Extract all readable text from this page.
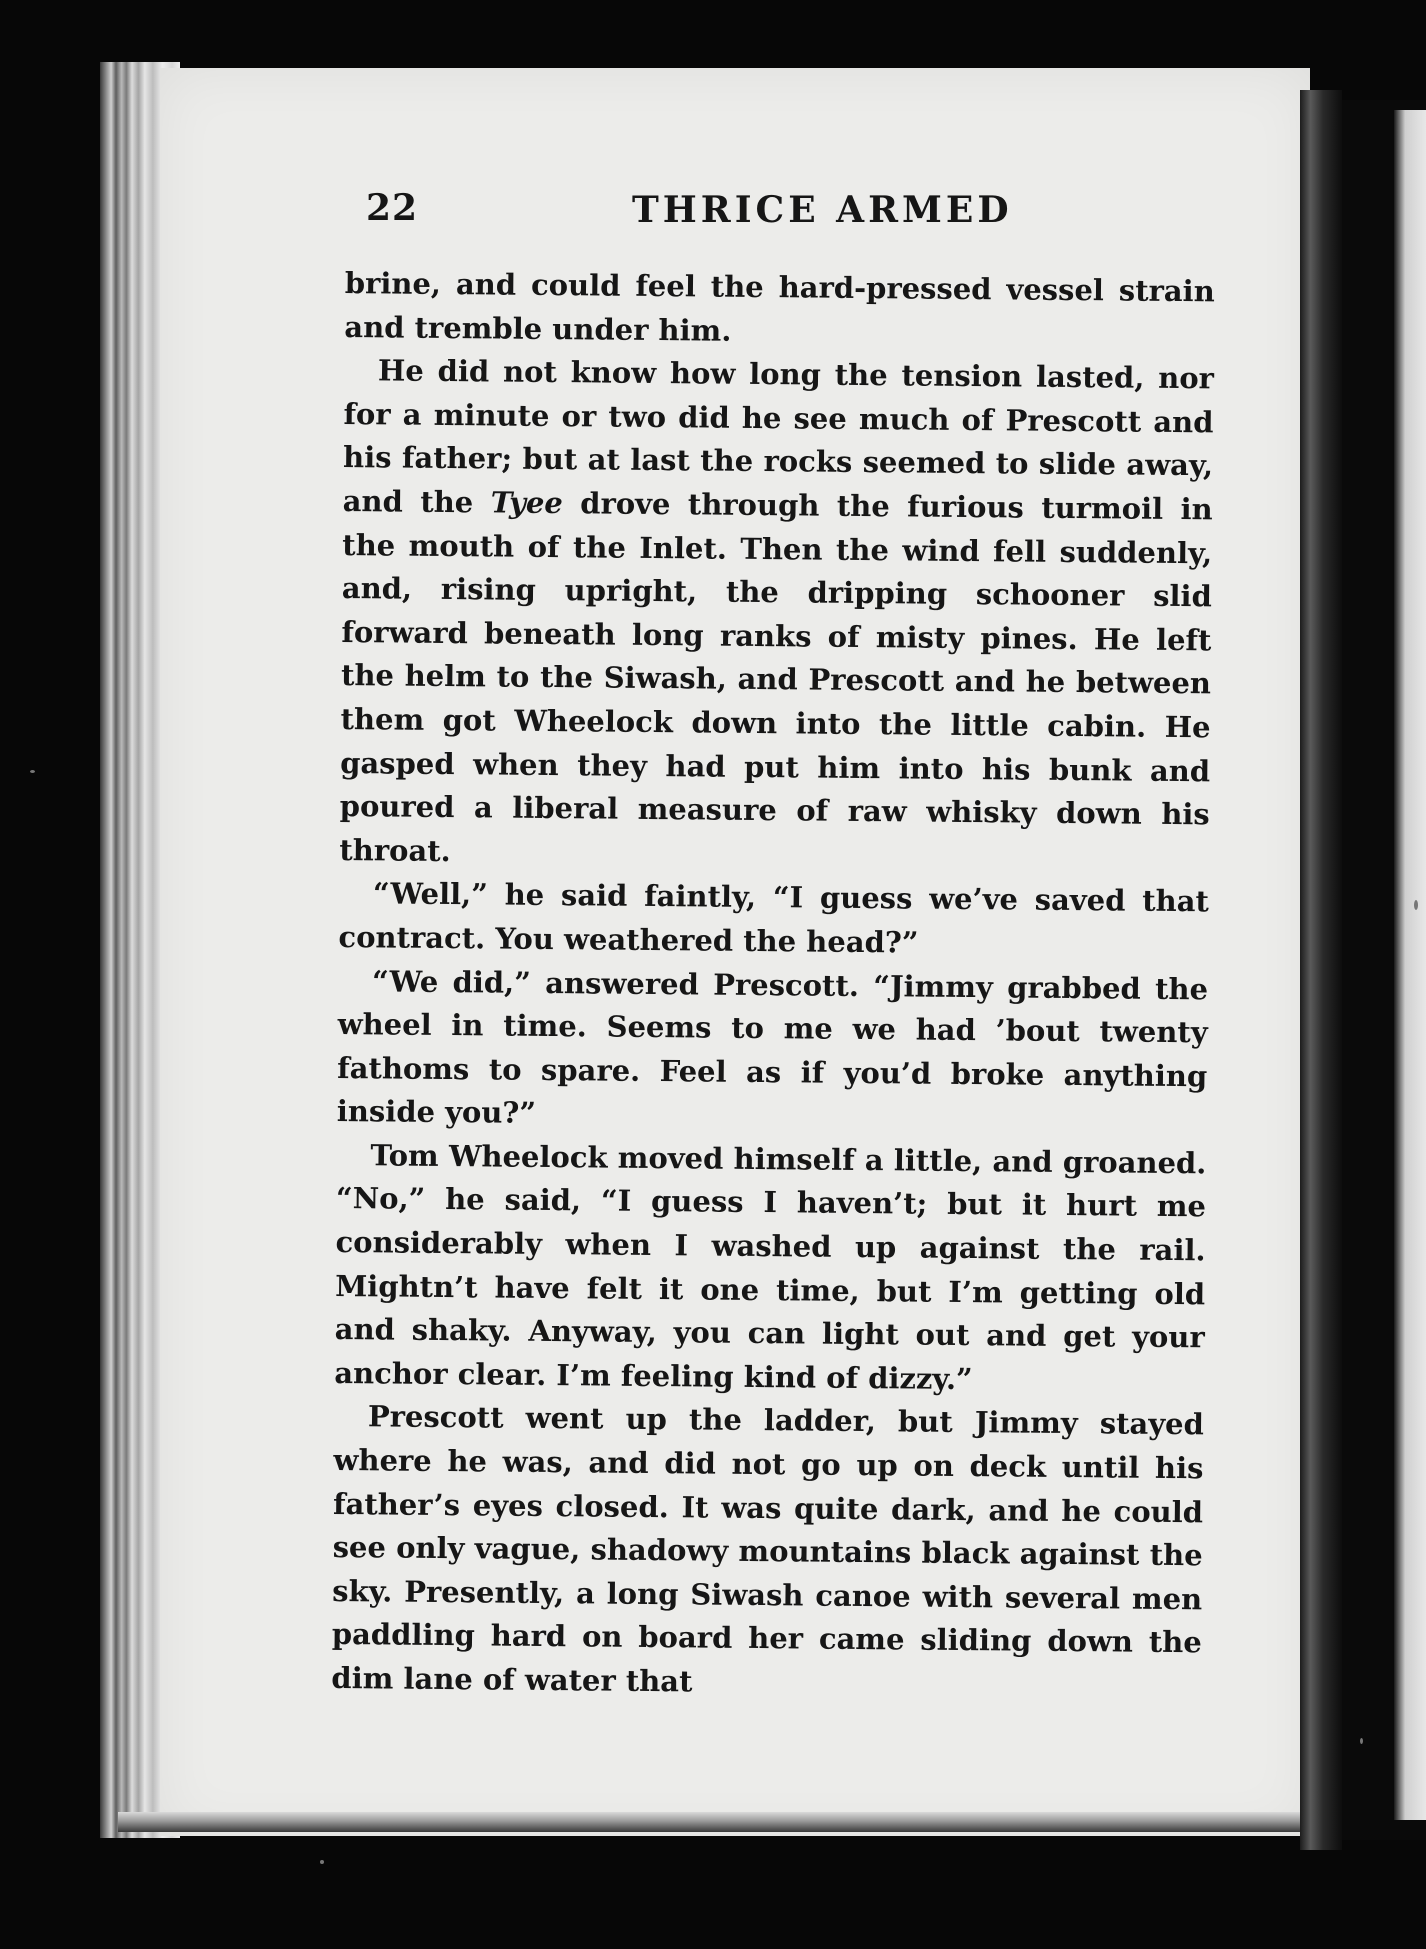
22	THRICE ARMED

brine, and could feel the hard-pressed vessel strain and tremble under him.

He did not know how long the tension lasted, nor for a minute or two did he see much of Prescott and his father; but at last the rocks seemed to slide away, and the Tyee drove through the furious turmoil in the mouth of the Inlet. Then the wind fell suddenly, and, rising upright, the dripping schooner slid forward beneath long ranks of misty pines. He left the helm to the Siwash, and Prescott and he between them got Wheelock down into the little cabin. He gasped when they had put him into his bunk and poured a liberal measure of raw whisky down his throat.

“Well,” he said faintly, “I guess we’ve saved that contract. You weathered the head?”

“We did,” answered Prescott. “Jimmy grabbed the wheel in time. Seems to me we had ’bout twenty fathoms to spare. Feel as if you’d broke anything inside you?”

Tom Wheelock moved himself a little, and groaned. “No,” he said, “I guess I haven’t; but it hurt me considerably when I washed up against the rail. Mightn’t have felt it one time, but I’m getting old and shaky. Anyway, you can light out and get your anchor clear. I’m feeling kind of dizzy.”

Prescott went up the ladder, but Jimmy stayed where he was, and did not go up on deck until his father’s eyes closed. It was quite dark, and he could see only vague, shadowy mountains black against the sky. Presently, a long Siwash canoe with several men paddling hard on board her came sliding down the dim lane of water that
